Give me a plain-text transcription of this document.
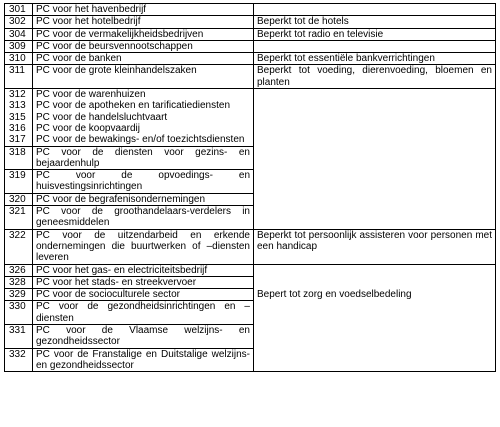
301	PC voor het havenbedrijf	
302	PC voor het hotelbedrijf	Beperkt tot de hotels
304	PC voor de vermakelijkheidsbedrijven	Beperkt tot radio en televisie
309	PC voor de beursvennootschappen	
310	PC voor de banken	Beperkt tot essentiële bankverrichtingen
311	PC voor de grote kleinhandelszaken	Beperkt tot voeding, dierenvoeding, bloemen en planten
312	PC voor de warenhuizen	
313	PC voor de apotheken en tarificatiediensten	
315	PC voor de handelsluchtvaart	
316	PC voor de koopvaardij	
317	PC voor de bewakings- en/of toezichtsdiensten	
318	PC voor de diensten voor gezins- en bejaardenhulp	
319	PC voor de opvoedings- en huisvestingsinrichtingen	
320	PC voor de begrafenisondernemingen	
321	PC voor de groothandelaars-verdelers in geneesmiddelen	
322	PC voor de uitzendarbeid en erkende ondernemingen die buurtwerken of –diensten leveren	Beperkt tot persoonlijk assisteren voor personen met een handicap
326	PC voor het gas- en electriciteitsbedrijf	
328	PC voor het stads- en streekvervoer	
329	PC voor de socioculturele sector	Bepert tot zorg en voedselbedeling
330	PC voor de gezondheidsinrichtingen en – diensten	
331	PC voor de Vlaamse welzijns- en gezondheidssector	
332	PC voor de Franstalige en Duitstalige welzijns- en gezondheidssector	
